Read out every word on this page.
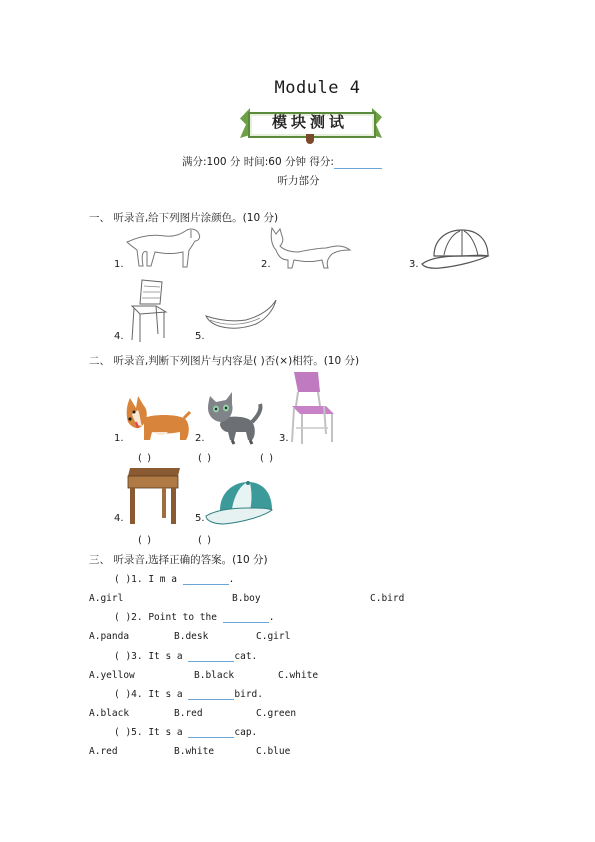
Module 4
模块测试
满分:100 分 时间:60 分钟 得分:
听力部分
一、 听录音,给下列图片涂颜色。(10 分)
1.	2.	3.
4.	5.
二、 听录音,判断下列图片与内容是( )否(×)相符。(10 分)
1.	2.	3.
( )	( )	( )
4.	5.
( )	( )
三、 听录音,选择正确的答案。(10 分)
( )1. I m a	.
A.girl	B.boy	C.bird
( )2. Point to the	.
A.panda	B.desk	C.girl
( )3. It s a	cat.
A.yellow	B.black	C.white
( )4. It s a	bird.
A.black	B.red	C.green
( )5. It s a	cap.
A.red	B.white	C.blue
